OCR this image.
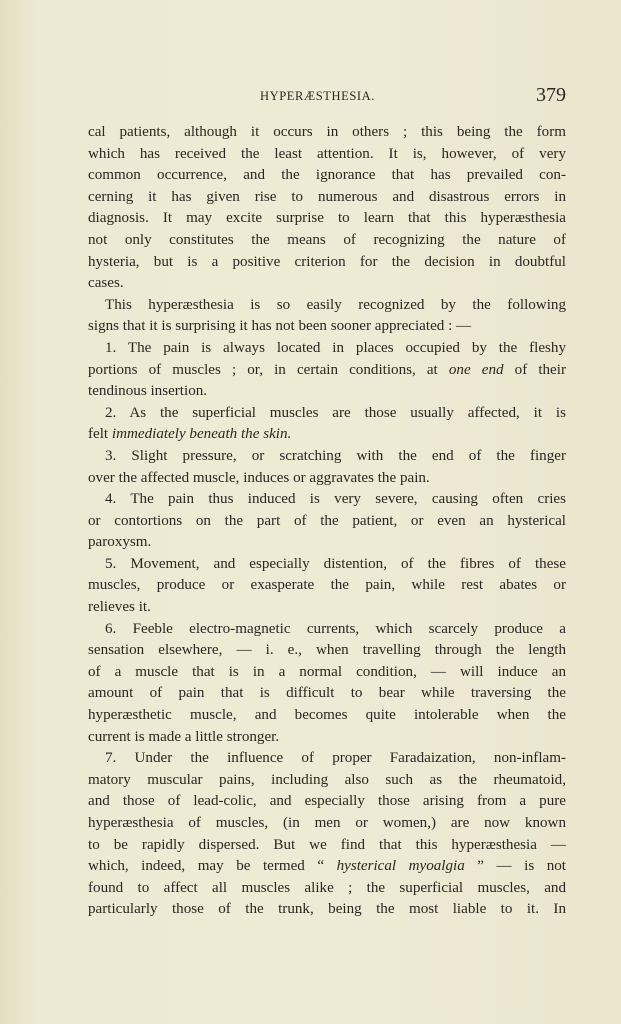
HYPERÆSTHESIA.	379
cal patients, although it occurs in others ; this being the form
which has received the least attention. It is, however, of very
common occurrence, and the ignorance that has prevailed con-
cerning it has given rise to numerous and disastrous errors in
diagnosis. It may excite surprise to learn that this hyperæsthesia
not only constitutes the means of recognizing the nature of
hysteria, but is a positive criterion for the decision in doubtful
cases.
This hyperæsthesia is so easily recognized by the following
signs that it is surprising it has not been sooner appreciated : —
1. The pain is always located in places occupied by the fleshy
portions of muscles ; or, in certain conditions, at one end of their
tendinous insertion.
2. As the superficial muscles are those usually affected, it is
felt immediately beneath the skin.
3. Slight pressure, or scratching with the end of the finger
over the affected muscle, induces or aggravates the pain.
4. The pain thus induced is very severe, causing often cries
or contortions on the part of the patient, or even an hysterical
paroxysm.
5. Movement, and especially distention, of the fibres of these
muscles, produce or exasperate the pain, while rest abates or
relieves it.
6. Feeble electro-magnetic currents, which scarcely produce a
sensation elsewhere, — i. e., when travelling through the length
of a muscle that is in a normal condition, — will induce an
amount of pain that is difficult to bear while traversing the
hyperæsthetic muscle, and becomes quite intolerable when the
current is made a little stronger.
7. Under the influence of proper Faradaization, non-inflam-
matory muscular pains, including also such as the rheumatoid,
and those of lead-colic, and especially those arising from a pure
hyperæsthesia of muscles, (in men or women,) are now known
to be rapidly dispersed. But we find that this hyperæsthesia —
which, indeed, may be termed “ hysterical myoalgia ” — is not
found to affect all muscles alike ; the superficial muscles, and
particularly those of the trunk, being the most liable to it. In
